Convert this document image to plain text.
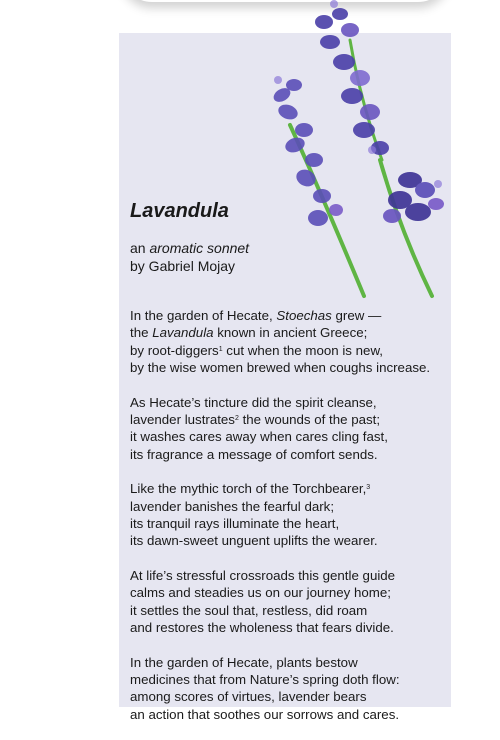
Lavandula
an aromatic sonnet
by Gabriel Mojay
In the garden of Hecate, Stoechas grew —
the Lavandula known in ancient Greece;
by root-diggers$^1$ cut when the moon is new,
by the wise women brewed when coughs increase.
As Hecate’s tincture did the spirit cleanse,
lavender lustrates$^2$ the wounds of the past;
it washes cares away when cares cling fast,
its fragrance a message of comfort sends.
Like the mythic torch of the Torchbearer,$^3$
lavender banishes the fearful dark;
its tranquil rays illuminate the heart,
its dawn-sweet unguent uplifts the wearer.
At life’s stressful crossroads this gentle guide
calms and steadies us on our journey home;
it settles the soul that, restless, did roam
and restores the wholeness that fears divide.
In the garden of Hecate, plants bestow
medicines that from Nature’s spring doth flow:
among scores of virtues, lavender bears
an action that soothes our sorrows and cares.
